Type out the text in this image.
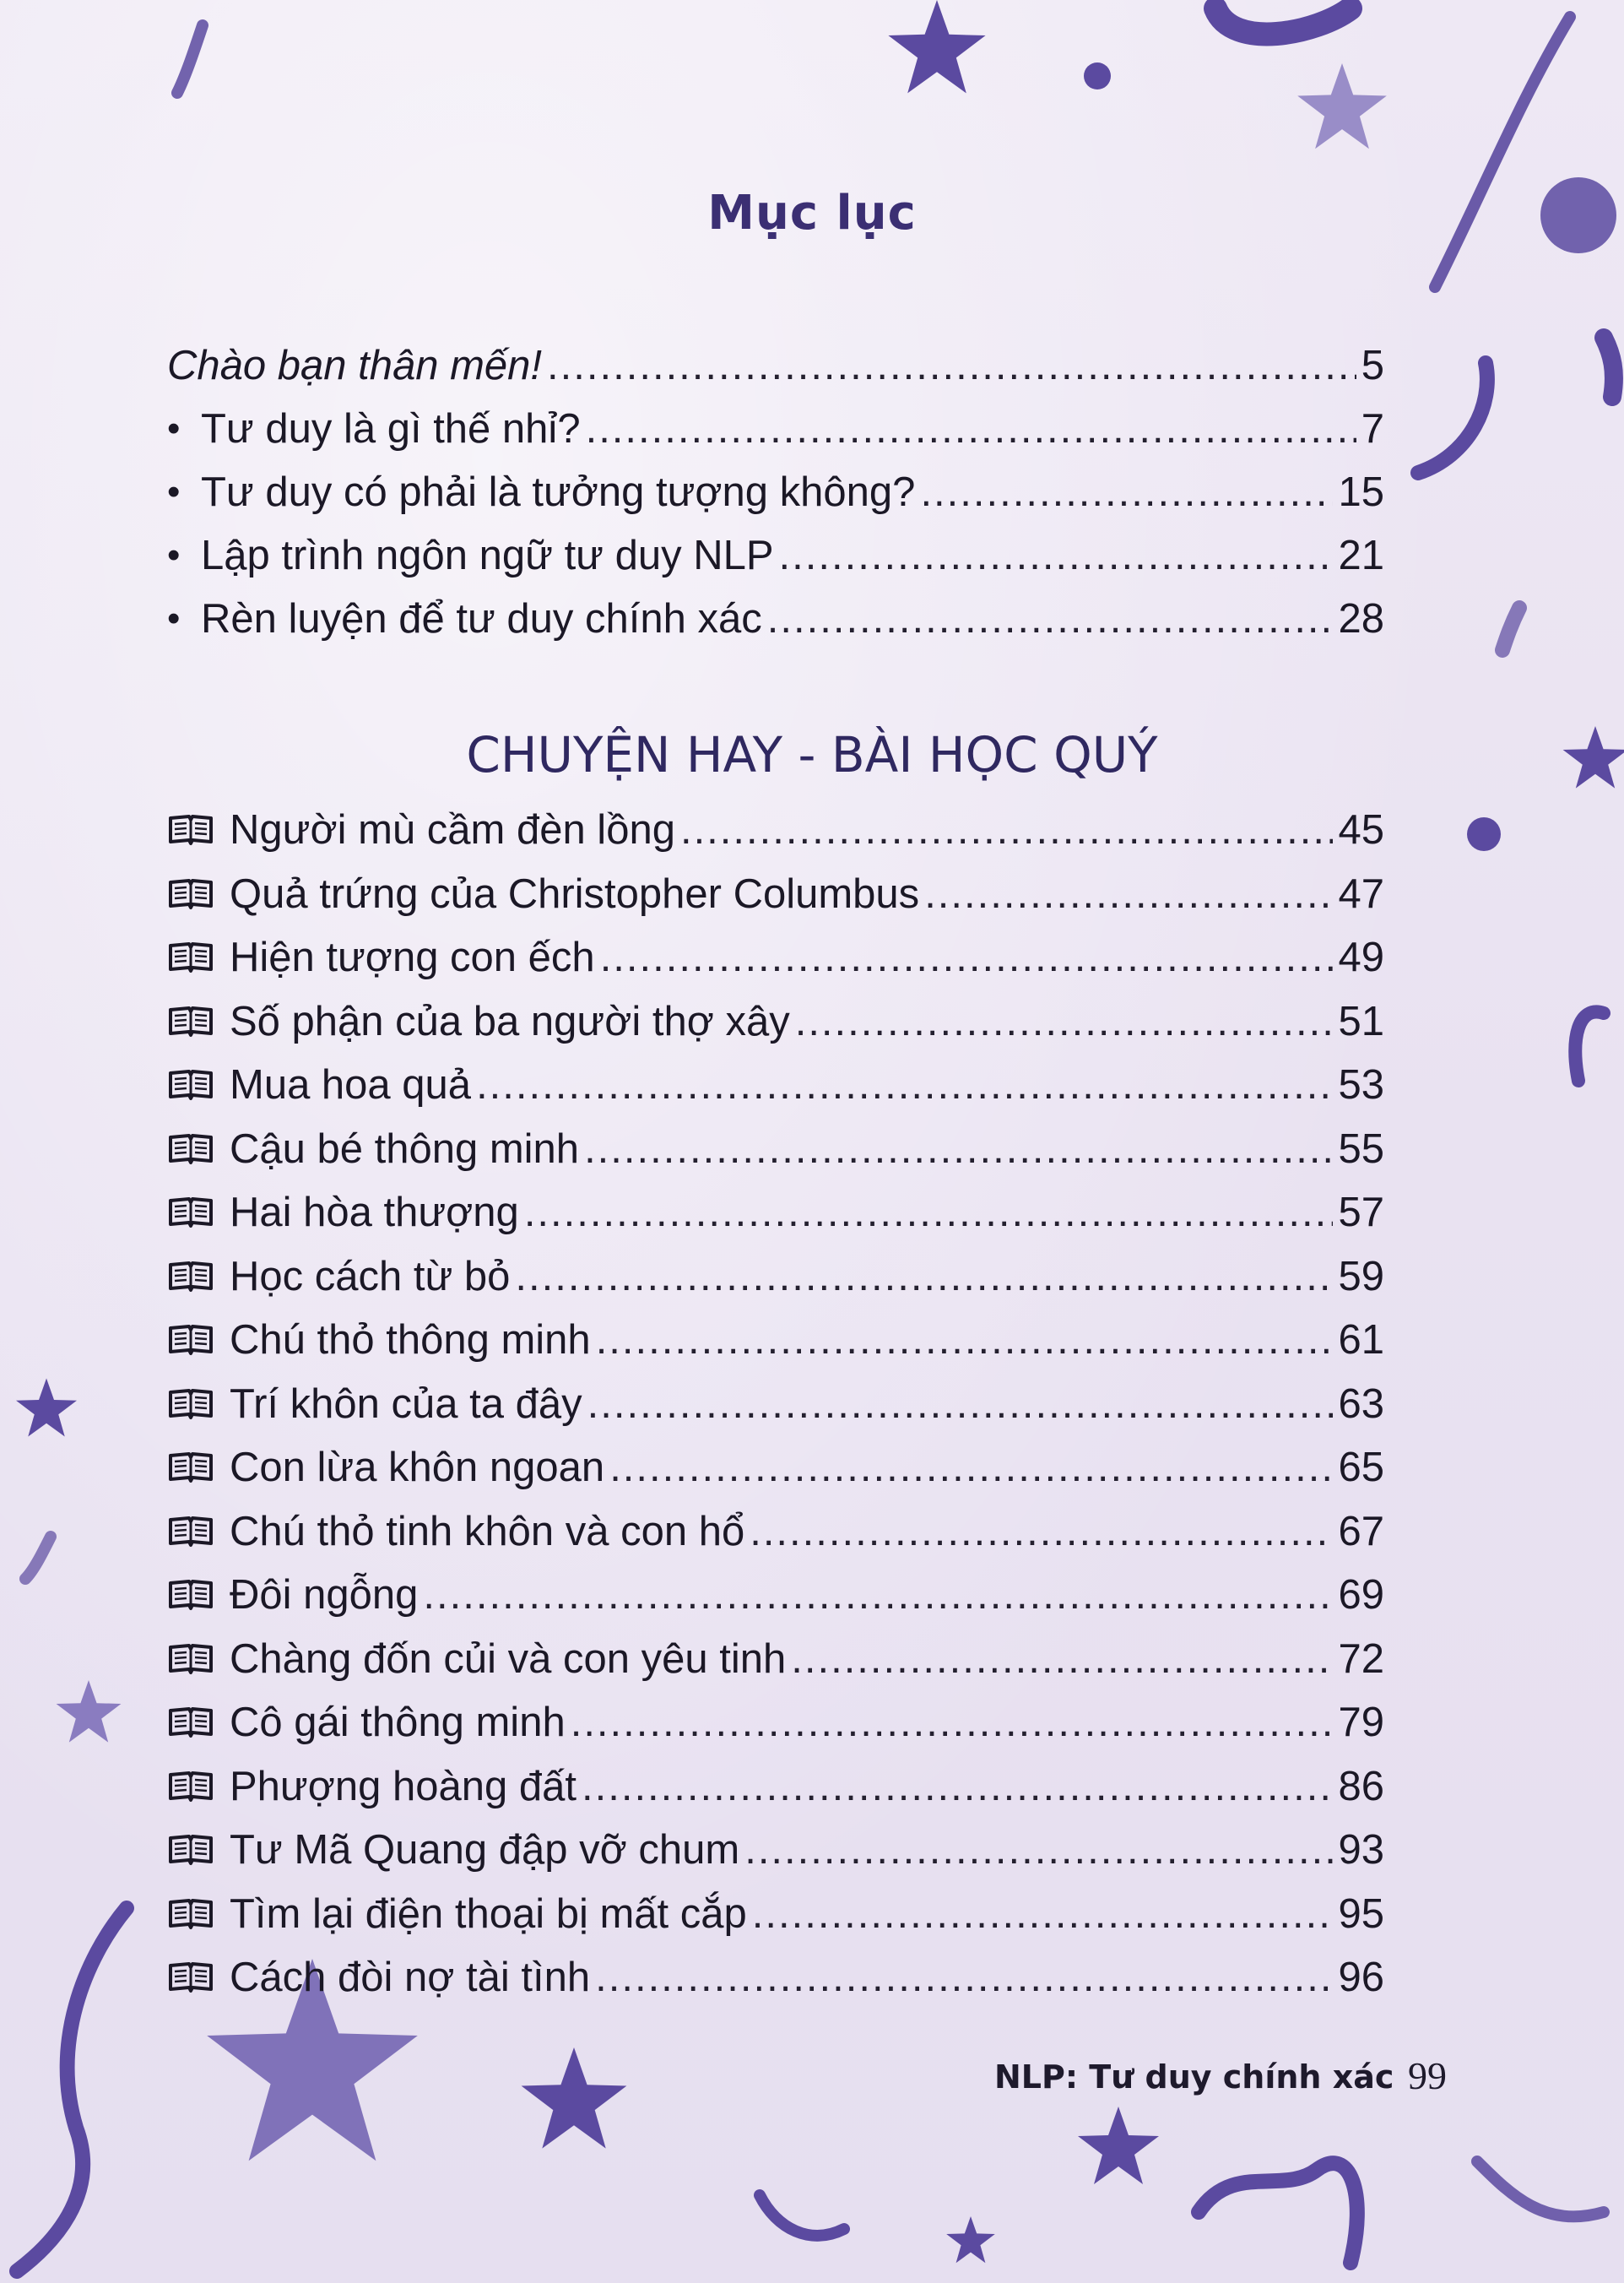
Mục lục
Chào bạn thân mến! .....	5
• Tư duy là gì thế nhỉ? .....	7
• Tư duy có phải là tưởng tượng không? .....	15
• Lập trình ngôn ngữ tư duy NLP .....	21
• Rèn luyện để tư duy chính xác .....	28
CHUYỆN HAY - BÀI HỌC QUÝ
Người mù cầm đèn lồng .....	45
Quả trứng của Christopher Columbus .....	47
Hiện tượng con ếch .....	49
Số phận của ba người thợ xây .....	51
Mua hoa quả .....	53
Cậu bé thông minh .....	55
Hai hòa thượng .....	57
Học cách từ bỏ .....	59
Chú thỏ thông minh .....	61
Trí khôn của ta đây .....	63
Con lừa khôn ngoan .....	65
Chú thỏ tinh khôn và con hổ .....	67
Đôi ngỗng .....	69
Chàng đốn củi và con yêu tinh .....	72
Cô gái thông minh .....	79
Phượng hoàng đất .....	86
Tư Mã Quang đập vỡ chum .....	93
Tìm lại điện thoại bị mất cắp .....	95
Cách đòi nợ tài tình .....	96
NLP: Tư duy chính xác 99
